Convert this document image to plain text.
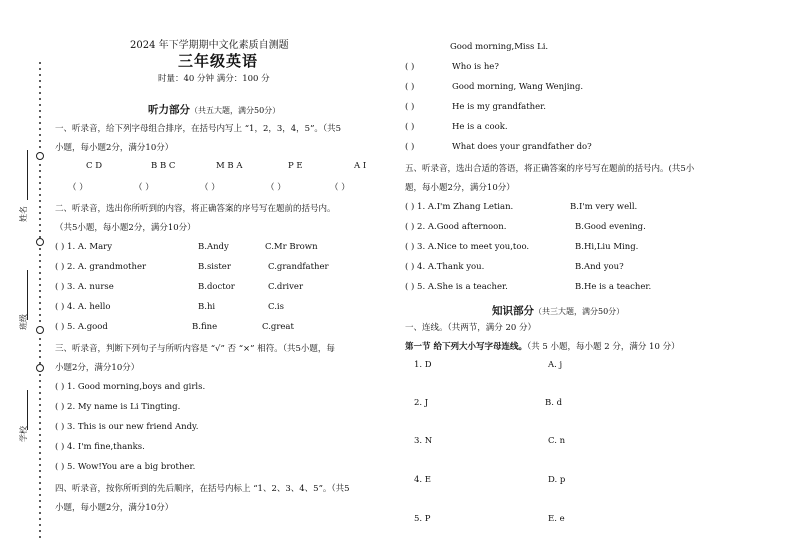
姓名
班级
学校
2024 年下学期期中文化素质自测题
三年级英语
时量：40 分钟 满分：100 分
听力部分（共五大题，满分50分）
一、听录音，给下列字母组合排序，在括号内写上 “1，2，3，4，5”。（共5
小题，每小题2分，满分10分）
C D	B B C	M B A	P E	A I
（ ）	（ ）	（ ）	（ ）	（ ）
二、听录音，选出你所听到的内容，将正确答案的序号写在题前的括号内。
（共5小题，每小题2分，满分10分）
( ) 1. A. Mary	B.Andy	C.Mr Brown
( ) 2. A. grandmother	B.sister	C.grandfather
( ) 3. A. nurse	B.doctor	C.driver
( ) 4. A. hello	B.hi	C.is
( ) 5. A.good	B.fine	C.great
三、听录音，判断下列句子与所听内容是 “√” 否 “×” 相符。（共5小题，每
小题2分，满分10分）
( ) 1. Good morning,boys and girls.
( ) 2. My name is Li Tingting.
( ) 3. This is our new friend Andy.
( ) 4. I'm fine,thanks.
( ) 5. Wow!You are a big brother.
四、听录音，按你所听到的先后顺序，在括号内标上 “1、2、3、4、5”。（共5
小题，每小题2分，满分10分）
Good morning,Miss Li.
( )	Who is he?
( )	Good morning, Wang Wenjing.
( )	He is my grandfather.
( )	He is a cook.
( )	What does your grandfather do?
五、听录音，选出合适的答语，将正确答案的序号写在题前的括号内。(共5小
题，每小题2分，满分10分）
( ) 1. A.I'm Zhang Letian.	B.I'm very well.
( ) 2. A.Good afternoon.	B.Good evening.
( ) 3. A.Nice to meet you,too.	B.Hi,Liu Ming.
( ) 4. A.Thank you.	B.And you?
( ) 5. A.She is a teacher.	B.He is a teacher.
知识部分（共三大题，满分50分）
一、连线。（共两节，满分 20 分）
第一节 给下列大小写字母连线。（共 5 小题，每小题 2 分，满分 10 分）
1. D	A. j
2. J	B. d
3. N	C. n
4. E	D. p
5. P	E. e
